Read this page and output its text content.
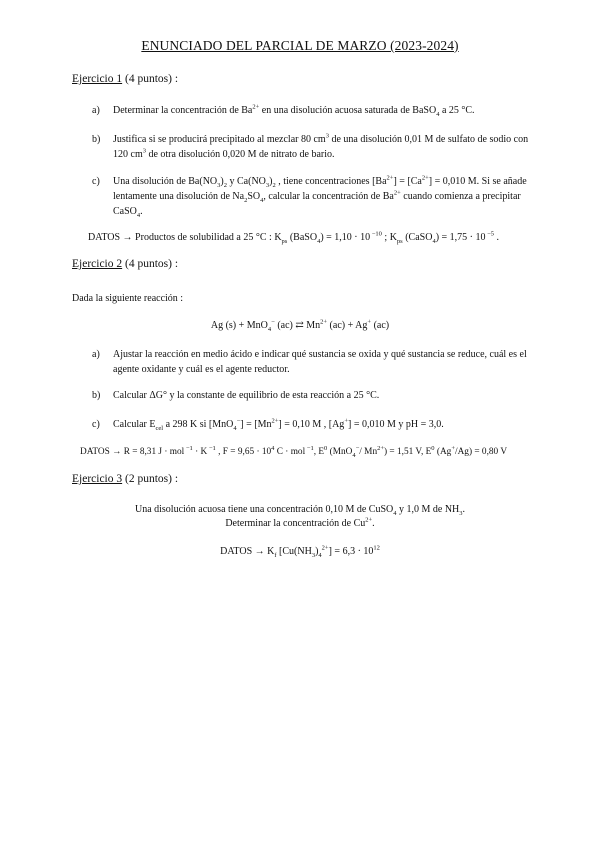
ENUNCIADO DEL PARCIAL DE MARZO (2023-2024)
Ejercicio 1 (4 puntos) :
a) Determinar la concentración de $Ba^{2+}$ en una disolución acuosa saturada de BaSO$_4$ a 25 °C.
b) Justifica si se producirá precipitado al mezclar 80 $cm^3$ de una disolución 0,01 M de sulfato de sodio con 120 $cm^3$ de otra disolución 0,020 M de nitrato de bario.
c) Una disolución de $Ba(NO_3)_2$ y $Ca(NO_3)_2$ , tiene concentraciones $[Ba^{2+}] = [Ca^{2+}] = 0,010$ M. Si se añade lentamente una disolución de $Na_2SO_4$, calcular la concentración de $Ba^{2+}$ cuando comienza a precipitar CaSO$_4$.
DATOS → Productos de solubilidad a 25 °C : $K_{ps}$ (BaSO$_4$) = 1,10 · 10 $^{-10}$ ; $K_{ps}$ (CaSO$_4$) = 1,75 · 10 $^{-5}$ .
Ejercicio 2 (4 puntos) :
Dada la siguiente reacción :
Ag (s) + MnO$_4$− (ac) ⇄ $Mn^{2+}$ (ac) + Ag+ (ac)
a) Ajustar la reacción en medio ácido e indicar qué sustancia se oxida y qué sustancia se reduce, cuál es el agente oxidante y cuál es el agente reductor.
b) Calcular ΔG° y la constante de equilibrio de esta reacción a 25 °C.
c) Calcular $E_{cel}$ a 298 K si $[MnO_4^-] = [Mn^{2+}] = 0,10$ M , [Ag+] = 0,010 M y pH = 3,0.
DATOS → R = 8,31 J · mol $^{-1}$ · K $^{-1}$ , $F = 9,65 \cdot 10^4$ C · mol $^{-1}$, $E^0$ (MnO$_4$−/ $Mn^{2+}) = 1,51$ V, $E^0$ (Ag+/Ag) = 0,80 V
Ejercicio 3 (2 puntos) :
Una disolución acuosa tiene una concentración 0,10 M de CuSO$_4$ y 1,0 M de $NH_3$.
Determinar la concentración de $Cu^{2+}$.
DATOS → $K_f$ $[Cu(NH_3)_4^{2+}] = 6,3 \cdot 10^{12}$
